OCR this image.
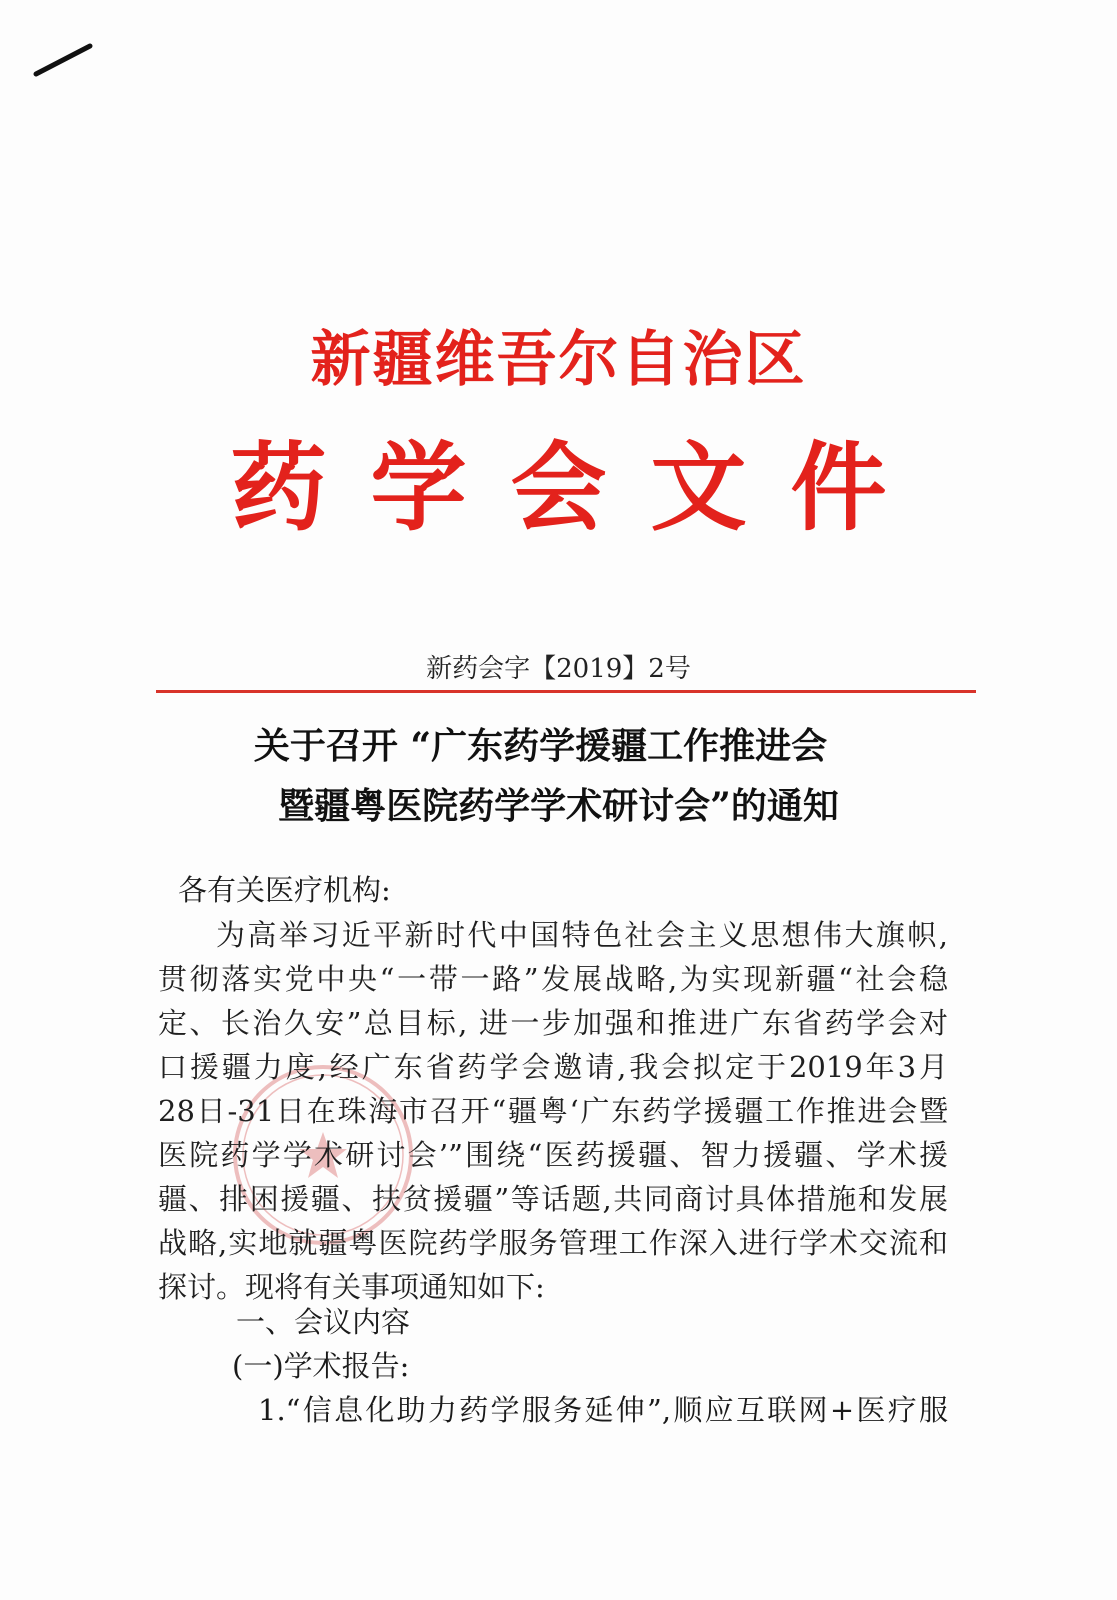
新疆维吾尔自治区
药学会文件
新药会字【2019】2号
关于召开 “广东药学援疆工作推进会
暨疆粤医院药学学术研讨会”的通知
各有关医疗机构:
为高举习近平新时代中国特色社会主义思想伟大旗帜,
贯彻落实党中央“一带一路”发展战略,为实现新疆“社会稳
定、长治久安”总目标, 进一步加强和推进广东省药学会对
口援疆力度,经广东省药学会邀请,我会拟定于2019年3月
28日-31日在珠海市召开“疆粤‘广东药学援疆工作推进会暨
医院药学学术研讨会’”围绕“医药援疆、智力援疆、学术援
疆、排困援疆、扶贫援疆”等话题,共同商讨具体措施和发展
战略,实地就疆粤医院药学服务管理工作深入进行学术交流和
探讨。现将有关事项通知如下:
一、会议内容
(一)学术报告:
1.“信息化助力药学服务延伸”,顺应互联网+医疗服
